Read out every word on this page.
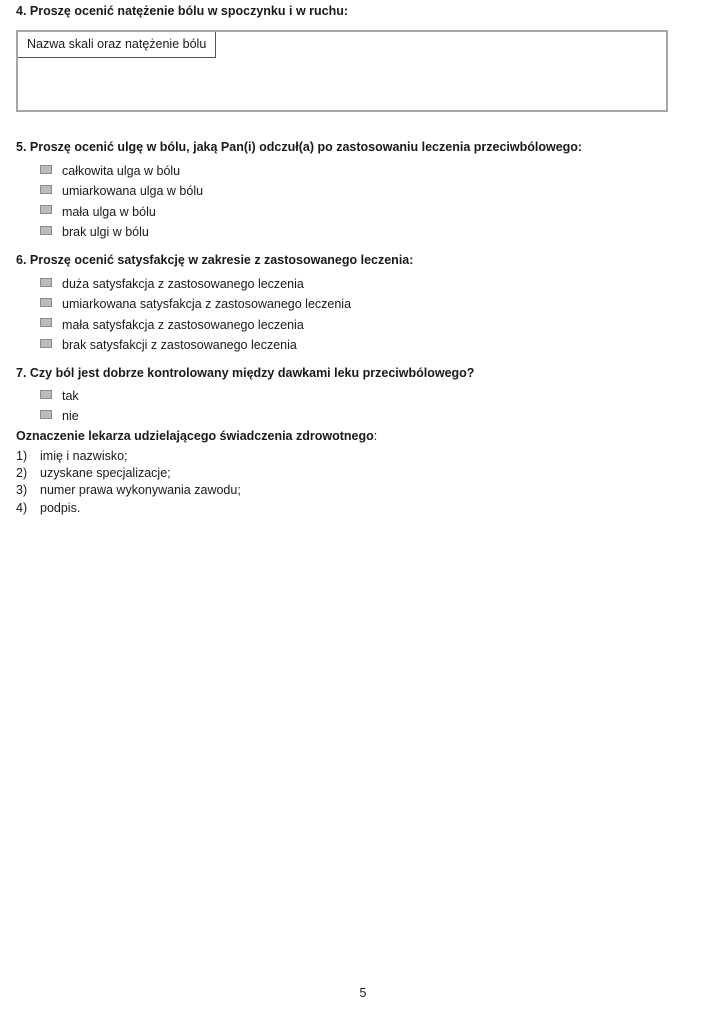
4. Proszę ocenić natężenie bólu w spoczynku i w ruchu:

Nazwa skali oraz natężenie bólu

5. Proszę ocenić ulgę w bólu, jaką Pan(i) odczuł(a) po zastosowaniu leczenia przeciwbólowego:

całkowita ulga w bólu
umiarkowana ulga w bólu
mała ulga w bólu
brak ulgi w bólu

6. Proszę ocenić satysfakcję w zakresie z zastosowanego leczenia:

duża satysfakcja z zastosowanego leczenia
umiarkowana satysfakcja z zastosowanego leczenia
mała satysfakcja z zastosowanego leczenia
brak satysfakcji z zastosowanego leczenia

7. Czy ból jest dobrze kontrolowany między dawkami leku przeciwbólowego?

tak
nie

Oznaczenie lekarza udzielającego świadczenia zdrowotnego:

1)	imię i nazwisko;
2)	uzyskane specjalizacje;
3)	numer prawa wykonywania zawodu;
4)	podpis.
5
